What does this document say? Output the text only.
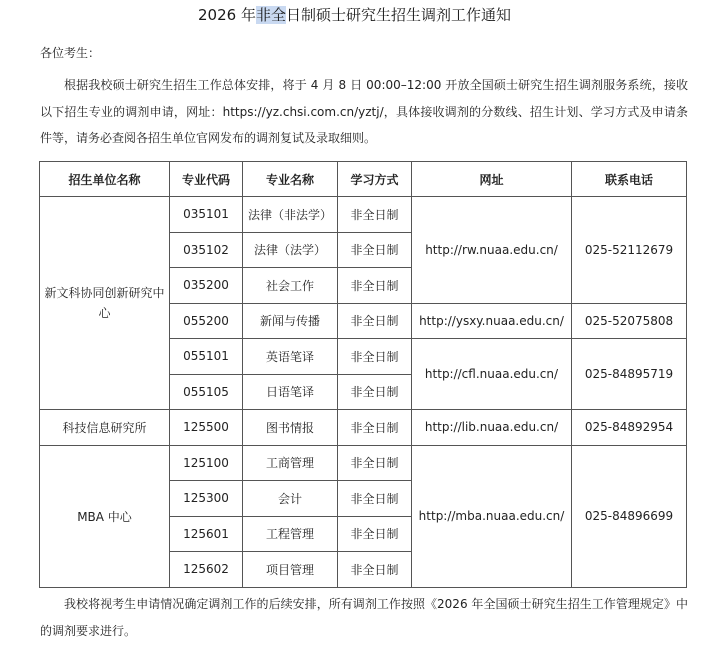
2026 年非全日制硕士研究生招生调剂工作通知
各位考生：
根据我校硕士研究生招生工作总体安排，将于 4 月 8 日 00:00–12:00 开放全国硕士研究生招生调剂服务系统，接收以下招生专业的调剂申请，网址：https://yz.chsi.com.cn/yztj/，具体接收调剂的分数线、招生计划、学习方式及申请条件等，请务必查阅各招生单位官网发布的调剂复试及录取细则。
招生单位名称	专业代码	专业名称	学习方式	网址	联系电话
新文科协同创新研究中心	035101	法律（非法学）	非全日制	http://rw.nuaa.edu.cn/	025-52112679
	035102	法律（法学）	非全日制		
	035200	社会工作	非全日制		
	055200	新闻与传播	非全日制	http://ysxy.nuaa.edu.cn/	025-52075808
	055101	英语笔译	非全日制	http://cfl.nuaa.edu.cn/	025-84895719
	055105	日语笔译	非全日制		
科技信息研究所	125500	图书情报	非全日制	http://lib.nuaa.edu.cn/	025-84892954
MBA 中心	125100	工商管理	非全日制	http://mba.nuaa.edu.cn/	025-84896699
	125300	会计	非全日制		
	125601	工程管理	非全日制		
	125602	项目管理	非全日制		
我校将视考生申请情况确定调剂工作的后续安排，所有调剂工作按照《2026 年全国硕士研究生招生工作管理规定》中的调剂要求进行。
